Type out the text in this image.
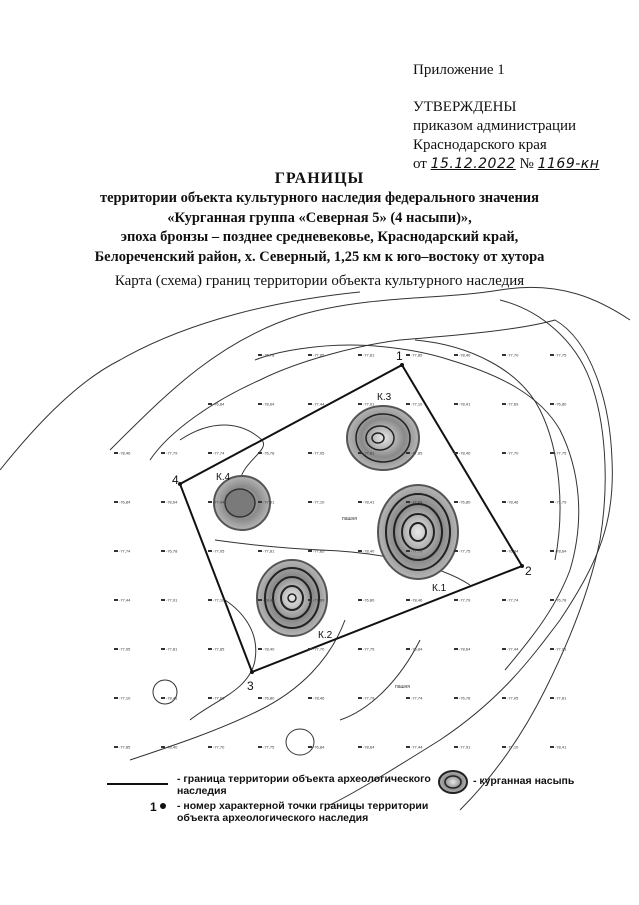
Приложение 1
УТВЕРЖДЕНЫ
приказом администрации
Краснодарского края
от 15.12.2022 № 1169-кн
ГРАНИЦЫ
территории объекта культурного наследия федерального значения
«Курганная группа «Северная 5» (4 насыпи)»,
эпоха бронзы – позднее средневековье, Краснодарский край,
Белореченский район, х. Северный, 1,25 км к юго–востоку от хутора
Карта (схема) границ территории объекта культурного наследия
1
2
3
4
К.1
К.2
К.3
К.4
пашня
пашня
-76,78	-77,05	-77,81	-77,85	-78,40	-77,70	-77,75
-76,84	-78,64	-77,44	-77,91	-77,10	-78,41	-77,69	-76,80
-78,46	-77,79	-77,74	-76,78	-77,05	-77,81	-77,85	-78,40	-77,70	-77,75
-76,84	-78,64	-77,44	-77,91	-77,10	-78,41	-77,69	-76,80	-78,46	-77,79
-77,74	-76,78	-77,05	-77,81	-77,85	-78,40	-77,70	-77,75	-76,84	-78,64
-77,44	-77,91	-77,10	-78,41	-77,69	-76,80	-78,46	-77,79	-77,74	-76,78
-77,05	-77,81	-77,85	-78,40	-77,70	-77,75	-76,84	-78,64	-77,44	-77,91
-77,10	-78,41	-77,69	-76,80	-78,46	-77,79	-77,74	-76,78	-77,05	-77,81
-77,85	-78,40	-77,70	-77,75	-76,84	-78,64	-77,44	-77,91	-77,10	-78,41
1
- граница территории объекта археологического
наследия
- курганная насыпь
- номер характерной точки границы территории
объекта археологического наследия
